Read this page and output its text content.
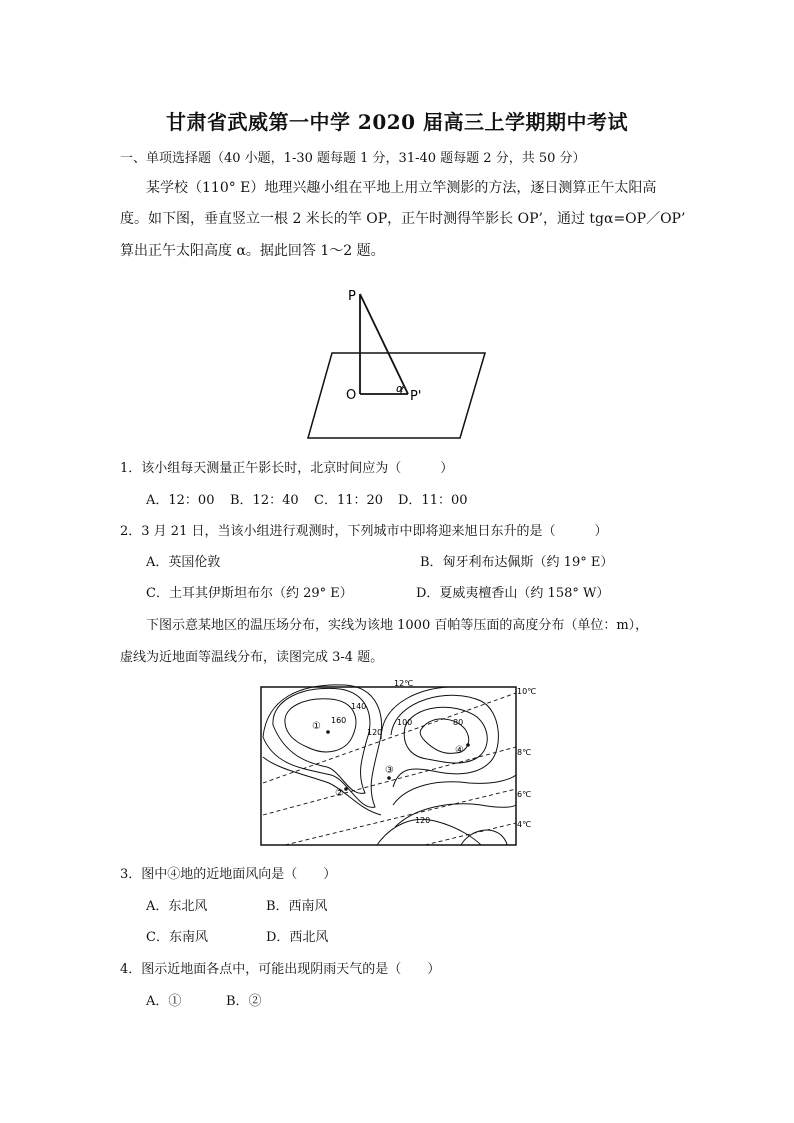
甘肃省武威第一中学 2020 届高三上学期期中考试
一、单项选择题（40 小题，1-30 题每题 1 分，31-40 题每题 2 分，共 50 分）
某学校（110° E）地理兴趣小组在平地上用立竿测影的方法，逐日测算正午太阳高
度。如下图，垂直竖立一根 2 米长的竿 OP，正午时测得竿影长 OP’，通过 tgα=OP／OP’
算出正午太阳高度 α。据此回答 1～2 题。
P
O	P'
α
1．该小组每天测量正午影长时，北京时间应为（　　　）
A．12：00 B．12：40 C．11：20 D．11：00
2．3 月 21 日，当该小组进行观测时，下列城市中即将迎来旭日东升的是（　　　）
A．英国伦敦	B．匈牙利布达佩斯（约 19° E）
C．土耳其伊斯坦布尔（约 29° E）	D．夏威夷檀香山（约 158° W）
下图示意某地区的温压场分布，实线为该地 1000 百帕等压面的高度分布（单位：m），
虚线为近地面等温线分布，读图完成 3-4 题。
12℃
10℃
8℃
6℃
4℃
140
160
120
100	80
120
①
②
③
④
3．图中④地的近地面风向是（　　）
A．东北风	B．西南风
C．东南风	D．西北风
4．图示近地面各点中，可能出现阴雨天气的是（　　）
A．①	B．②
